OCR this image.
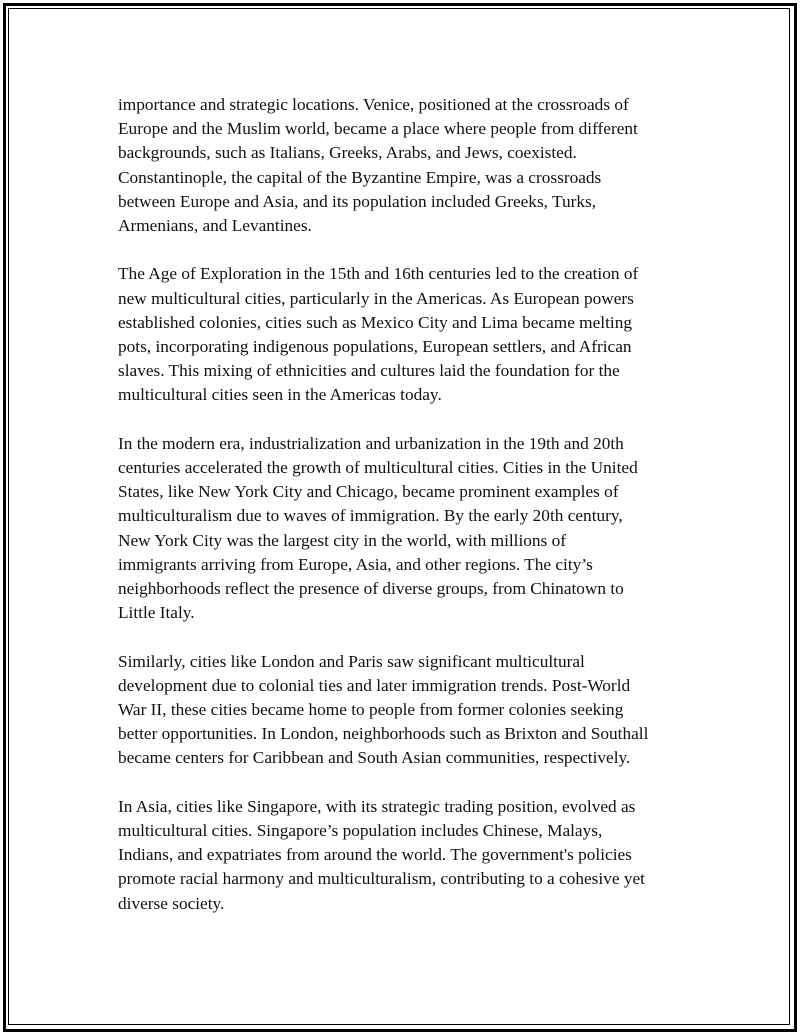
importance and strategic locations. Venice, positioned at the crossroads of
Europe and the Muslim world, became a place where people from different
backgrounds, such as Italians, Greeks, Arabs, and Jews, coexisted.
Constantinople, the capital of the Byzantine Empire, was a crossroads
between Europe and Asia, and its population included Greeks, Turks,
Armenians, and Levantines.

The Age of Exploration in the 15th and 16th centuries led to the creation of
new multicultural cities, particularly in the Americas. As European powers
established colonies, cities such as Mexico City and Lima became melting
pots, incorporating indigenous populations, European settlers, and African
slaves. This mixing of ethnicities and cultures laid the foundation for the
multicultural cities seen in the Americas today.

In the modern era, industrialization and urbanization in the 19th and 20th
centuries accelerated the growth of multicultural cities. Cities in the United
States, like New York City and Chicago, became prominent examples of
multiculturalism due to waves of immigration. By the early 20th century,
New York City was the largest city in the world, with millions of
immigrants arriving from Europe, Asia, and other regions. The city’s
neighborhoods reflect the presence of diverse groups, from Chinatown to
Little Italy.

Similarly, cities like London and Paris saw significant multicultural
development due to colonial ties and later immigration trends. Post-World
War II, these cities became home to people from former colonies seeking
better opportunities. In London, neighborhoods such as Brixton and Southall
became centers for Caribbean and South Asian communities, respectively.

In Asia, cities like Singapore, with its strategic trading position, evolved as
multicultural cities. Singapore’s population includes Chinese, Malays,
Indians, and expatriates from around the world. The government's policies
promote racial harmony and multiculturalism, contributing to a cohesive yet
diverse society.
